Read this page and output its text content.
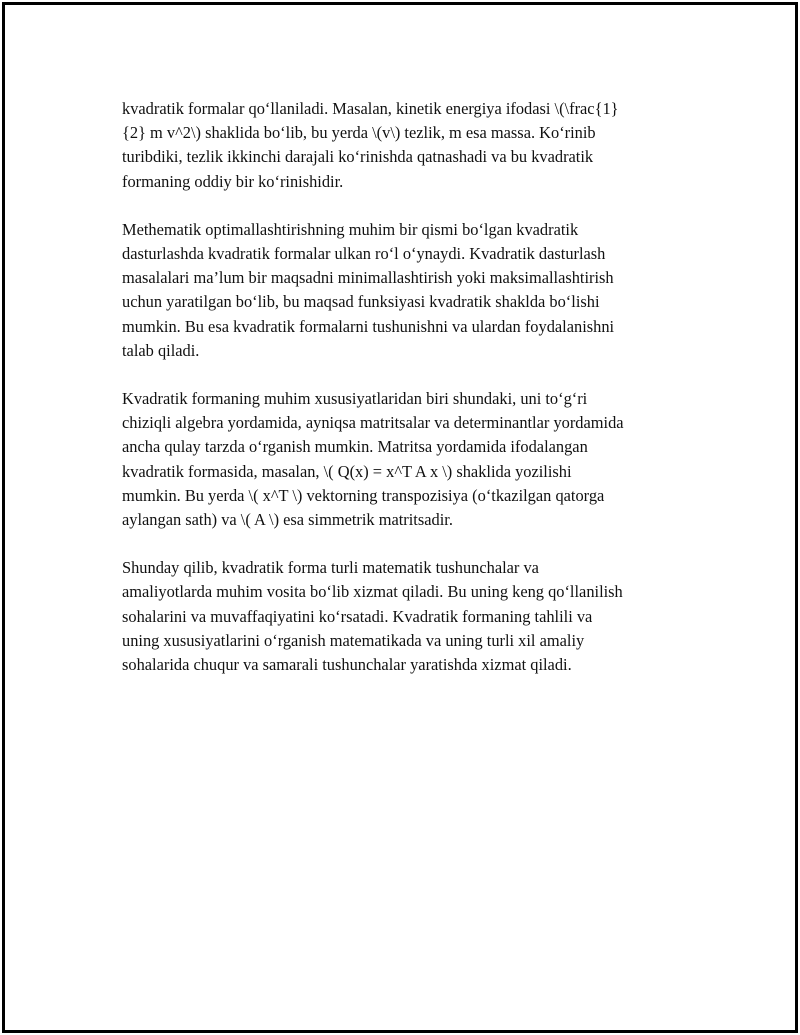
kvadratik formalar qo‘llaniladi. Masalan, kinetik energiya ifodasi \(\frac{1}
{2} m v^2\) shaklida bo‘lib, bu yerda \(v\) tezlik, m esa massa. Ko‘rinib
turibdiki, tezlik ikkinchi darajali ko‘rinishda qatnashadi va bu kvadratik
formaning oddiy bir ko‘rinishidir.

Methematik optimallashtirishning muhim bir qismi bo‘lgan kvadratik
dasturlashda kvadratik formalar ulkan ro‘l o‘ynaydi. Kvadratik dasturlash
masalalari ma’lum bir maqsadni minimallashtirish yoki maksimallashtirish
uchun yaratilgan bo‘lib, bu maqsad funksiyasi kvadratik shaklda bo‘lishi
mumkin. Bu esa kvadratik formalarni tushunishni va ulardan foydalanishni
talab qiladi.

Kvadratik formaning muhim xususiyatlaridan biri shundaki, uni to‘g‘ri
chiziqli algebra yordamida, ayniqsa matritsalar va determinantlar yordamida
ancha qulay tarzda o‘rganish mumkin. Matritsa yordamida ifodalangan
kvadratik formasida, masalan, \( Q(x) = x^T A x \) shaklida yozilishi
mumkin. Bu yerda \( x^T \) vektorning transpozisiya (o‘tkazilgan qatorga
aylangan sath) va \( A \) esa simmetrik matritsadir.

Shunday qilib, kvadratik forma turli matematik tushunchalar va
amaliyotlarda muhim vosita bo‘lib xizmat qiladi. Bu uning keng qo‘llanilish
sohalarini va muvaffaqiyatini ko‘rsatadi. Kvadratik formaning tahlili va
uning xususiyatlarini o‘rganish matematikada va uning turli xil amaliy
sohalarida chuqur va samarali tushunchalar yaratishda xizmat qiladi.
